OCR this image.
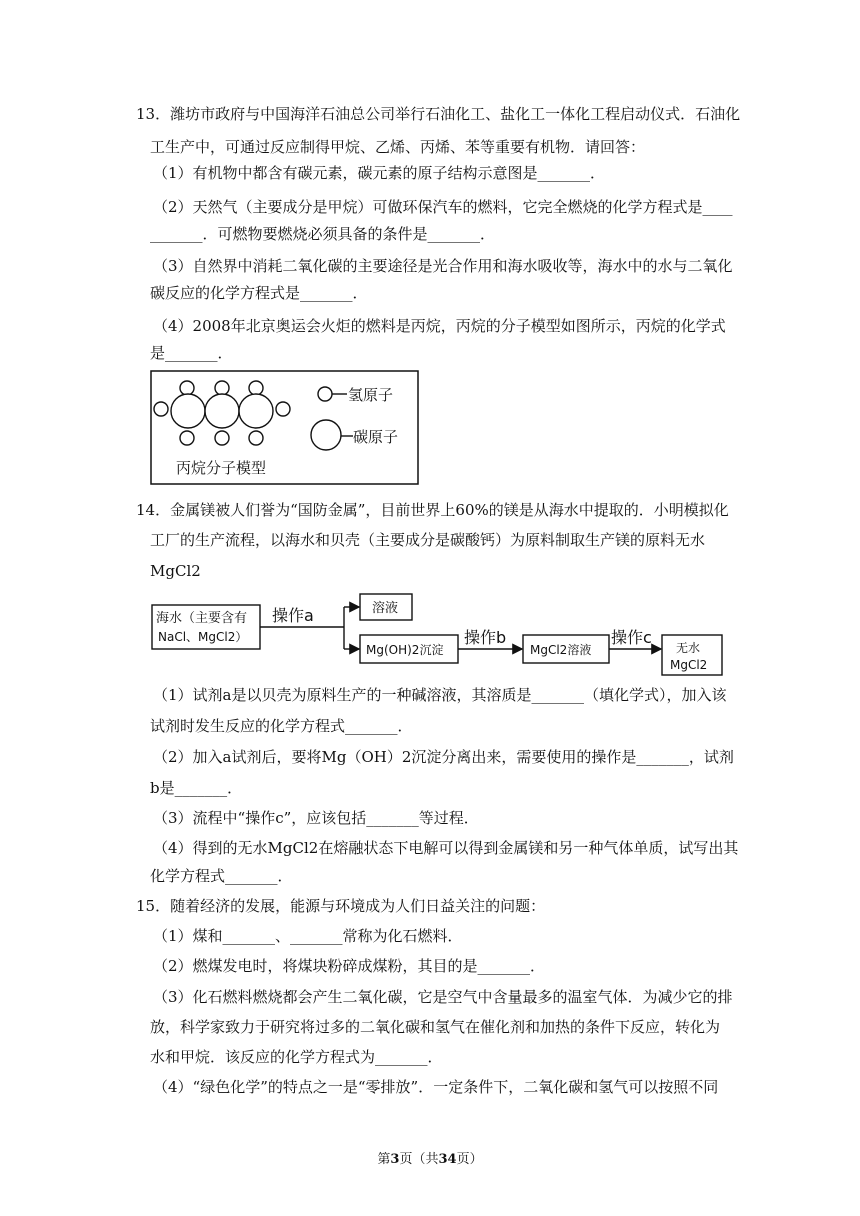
13．潍坊市政府与中国海洋石油总公司举行石油化工、盐化工一体化工程启动仪式．石油化
工生产中，可通过反应制得甲烷、乙烯、丙烯、苯等重要有机物．请回答：
（1）有机物中都含有碳元素，碳元素的原子结构示意图是_______．
（2）天然气（主要成分是甲烷）可做环保汽车的燃料，它完全燃烧的化学方程式是____
_______．可燃物要燃烧必须具备的条件是_______．
（3）自然界中消耗二氧化碳的主要途径是光合作用和海水吸收等，海水中的水与二氧化
碳反应的化学方程式是_______．
（4）2008年北京奥运会火炬的燃料是丙烷，丙烷的分子模型如图所示，丙烷的化学式
是_______．
氢原子
碳原子
丙烷分子模型
14．金属镁被人们誉为“国防金属”，目前世界上60%的镁是从海水中提取的．小明模拟化
工厂的生产流程，以海水和贝壳（主要成分是碳酸钙）为原料制取生产镁的原料无水
MgCl2
海水（主要含有
NaCl、MgCl2）
操作a	溶液
Mg(OH)2沉淀
操作b
MgCl2溶液
操作c
无水
MgCl2
（1）试剂a是以贝壳为原料生产的一种碱溶液，其溶质是_______（填化学式），加入该
试剂时发生反应的化学方程式_______．
（2）加入a试剂后，要将Mg（OH）2沉淀分离出来，需要使用的操作是_______，试剂
b是_______．
（3）流程中“操作c”，应该包括_______等过程．
（4）得到的无水MgCl2在熔融状态下电解可以得到金属镁和另一种气体单质，试写出其
化学方程式_______．
15．随着经济的发展，能源与环境成为人们日益关注的问题：
（1）煤和_______、_______常称为化石燃料．
（2）燃煤发电时，将煤块粉碎成煤粉，其目的是_______．
（3）化石燃料燃烧都会产生二氧化碳，它是空气中含量最多的温室气体．为减少它的排
放，科学家致力于研究将过多的二氧化碳和氢气在催化剂和加热的条件下反应，转化为
水和甲烷．该反应的化学方程式为_______．
（4）“绿色化学”的特点之一是“零排放”．一定条件下，二氧化碳和氢气可以按照不同
第3页（共34页）
